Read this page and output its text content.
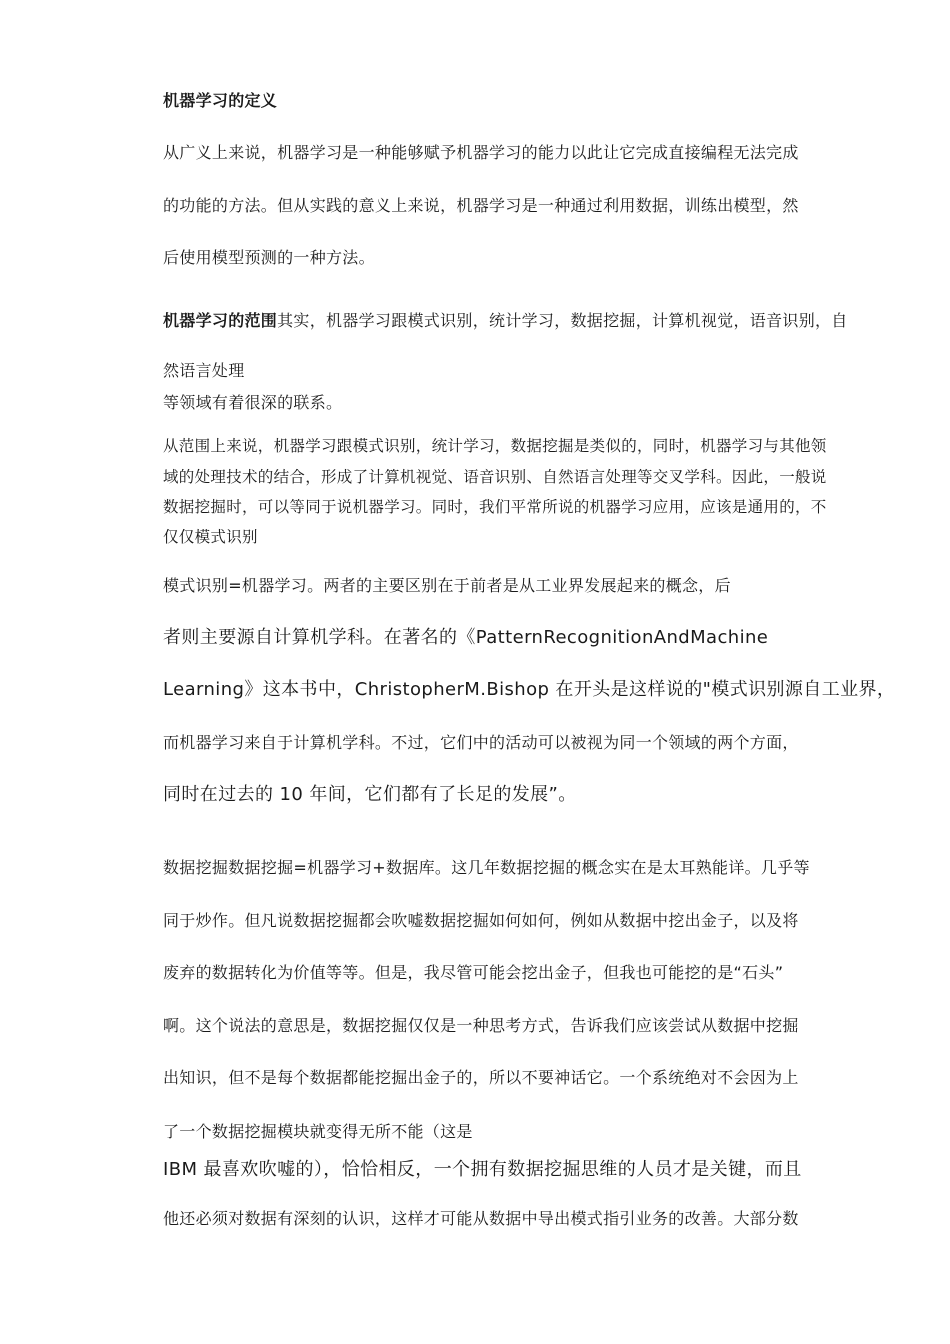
机器学习的定义
从广义上来说，机器学习是一种能够赋予机器学习的能力以此让它完成直接编程无法完成
的功能的方法。但从实践的意义上来说，机器学习是一种通过利用数据，训练出模型，然
后使用模型预测的一种方法。
机器学习的范围其实，机器学习跟模式识别，统计学习，数据挖掘，计算机视觉，语音识别，自
然语言处理
等领域有着很深的联系。
从范围上来说，机器学习跟模式识别，统计学习，数据挖掘是类似的，同时，机器学习与其他领
域的处理技术的结合，形成了计算机视觉、语音识别、自然语言处理等交叉学科。因此，一般说
数据挖掘时，可以等同于说机器学习。同时，我们平常所说的机器学习应用，应该是通用的，不
仅仅模式识别
模式识别=机器学习。两者的主要区别在于前者是从工业界发展起来的概念，后
者则主要源自计算机学科。在著名的《PatternRecognitionAndMachine
Learning》这本书中，ChristopherM.Bishop 在开头是这样说的"模式识别源自工业界，
而机器学习来自于计算机学科。不过，它们中的活动可以被视为同一个领域的两个方面，
同时在过去的 10 年间，它们都有了长足的发展”。
数据挖掘数据挖掘=机器学习+数据库。这几年数据挖掘的概念实在是太耳熟能详。几乎等
同于炒作。但凡说数据挖掘都会吹嘘数据挖掘如何如何，例如从数据中挖出金子，以及将
废弃的数据转化为价值等等。但是，我尽管可能会挖出金子，但我也可能挖的是“石头”
啊。这个说法的意思是，数据挖掘仅仅是一种思考方式，告诉我们应该尝试从数据中挖掘
出知识，但不是每个数据都能挖掘出金子的，所以不要神话它。一个系统绝对不会因为上
了一个数据挖掘模块就变得无所不能（这是
IBM 最喜欢吹嘘的），恰恰相反，一个拥有数据挖掘思维的人员才是关键，而且
他还必须对数据有深刻的认识，这样才可能从数据中导出模式指引业务的改善。大部分数
